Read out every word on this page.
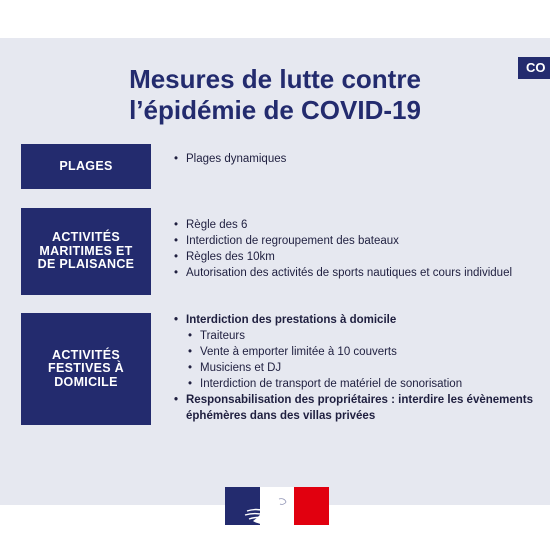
CO
Mesures de lutte contre
l’épidémie de COVID-19
PLAGES
•	Plages dynamiques
ACTIVITÉS
MARITIMES ET
DE PLAISANCE
• Règle des 6
• Interdiction de regroupement des bateaux
• Règles des 10km
• Autorisation des activités de sports nautiques et cours individuel
ACTIVITÉS
FESTIVES À
DOMICILE
• Interdiction des prestations à domicile
• Traiteurs
• Vente à emporter limitée à 10 couverts
• Musiciens et DJ
• Interdiction de transport de matériel de sonorisation
• Responsabilisation des propriétaires : interdire les évènements éphémères dans des villas privées
